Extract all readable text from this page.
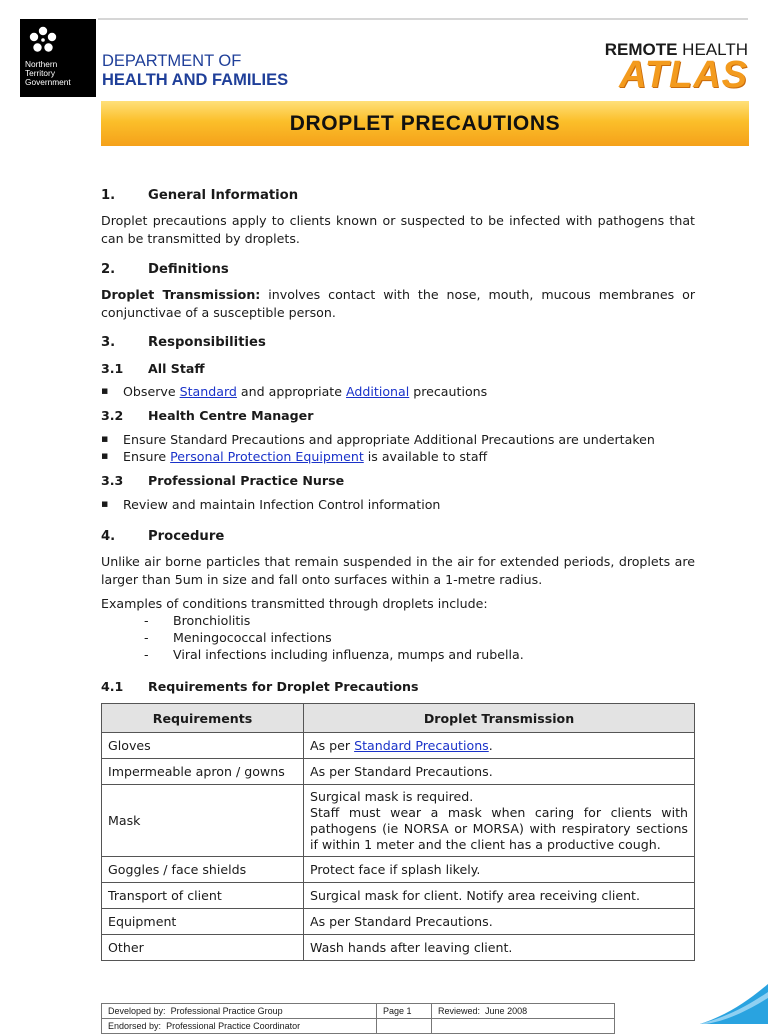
Northern
Territory
Government
DEPARTMENT OF
HEALTH AND FAMILIES
REMOTE HEALTH
ATLAS
DROPLET PRECAUTIONS
1. General Information
Droplet precautions apply to clients known or suspected to be infected with pathogens that can be transmitted by droplets.
2. Definitions
Droplet Transmission: involves contact with the nose, mouth, mucous membranes or conjunctivae of a susceptible person.
3. Responsibilities
3.1 All Staff
▪ Observe Standard and appropriate Additional precautions
3.2 Health Centre Manager
▪ Ensure Standard Precautions and appropriate Additional Precautions are undertaken
▪ Ensure Personal Protection Equipment is available to staff
3.3 Professional Practice Nurse
▪ Review and maintain Infection Control information
4. Procedure
Unlike air borne particles that remain suspended in the air for extended periods, droplets are larger than 5um in size and fall onto surfaces within a 1-metre radius.
Examples of conditions transmitted through droplets include:
- Bronchiolitis
- Meningococcal infections
- Viral infections including influenza, mumps and rubella.
4.1 Requirements for Droplet Precautions
Requirements	Droplet Transmission
Gloves	As per Standard Precautions.
Impermeable apron / gowns	As per Standard Precautions.
Mask	Surgical mask is required.
Staff must wear a mask when caring for clients with pathogens (ie NORSA or MORSA) with respiratory sections if within 1 meter and the client has a productive cough.

Goggles / face shields	Protect face if splash likely.
Transport of client	Surgical mask for client. Notify area receiving client.
Equipment	As per Standard Precautions.
Other	Wash hands after leaving client.
Developed by: Professional Practice Group	Page 1	Reviewed: June 2008
Endorsed by: Professional Practice Coordinator		
